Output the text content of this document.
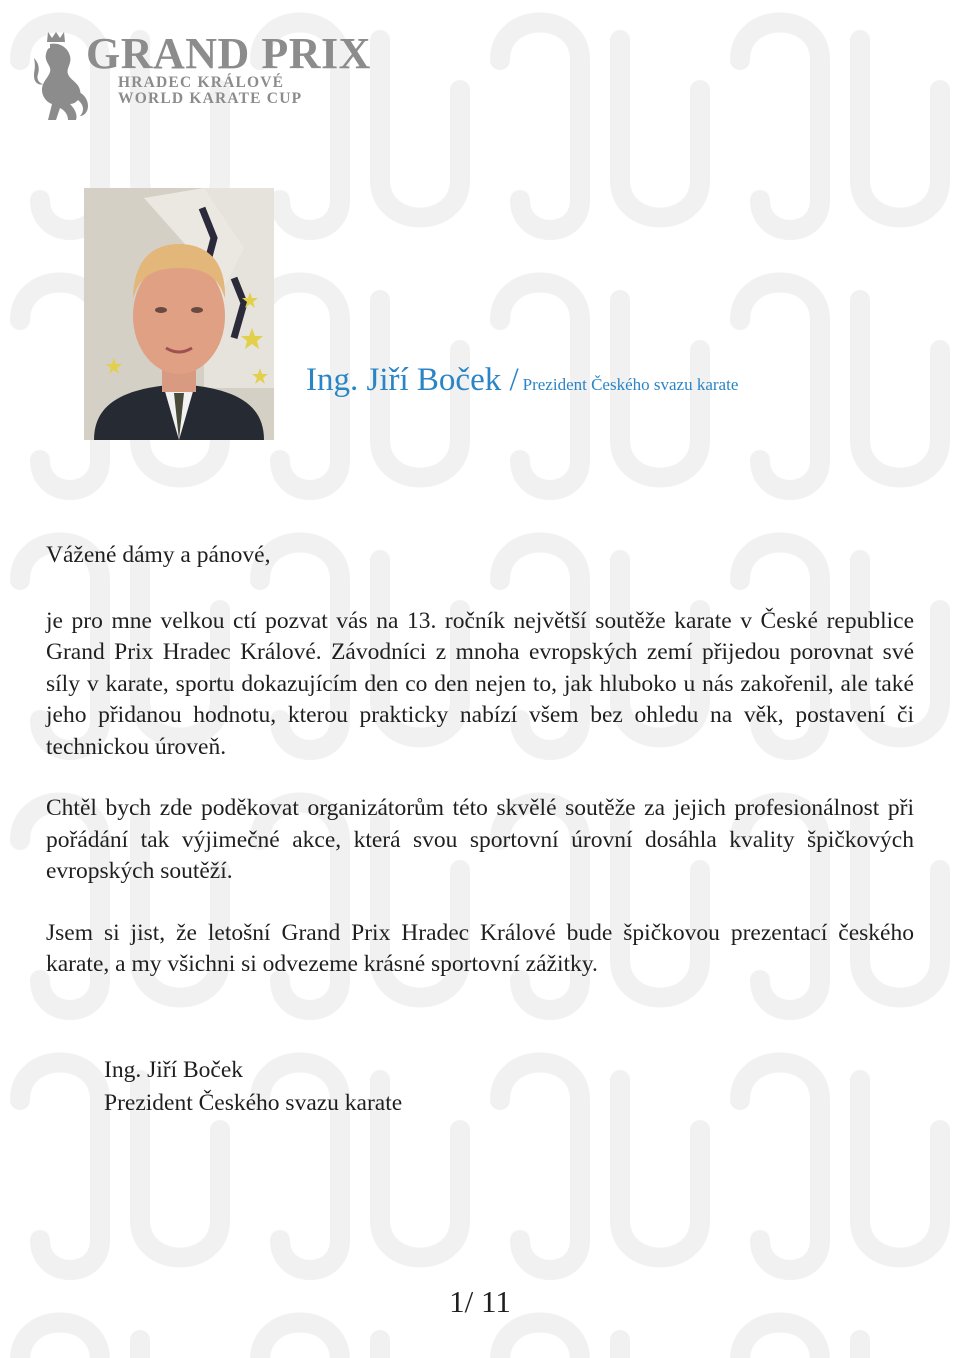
GRAND PRIX
HRADEC KRÁLOVÉ
WORLD KARATE CUP
Ing. Jiří Boček / Prezident Českého svazu karate

Vážené dámy a pánové,

je pro mne velkou ctí pozvat vás na 13. ročník největší soutěže karate v České republice Grand Prix Hradec Králové. Závodníci z mnoha evropských zemí přijedou porovnat své síly v karate, sportu dokazujícím den co den nejen to, jak hluboko u nás zakořenil, ale také jeho přidanou hodnotu, kterou prakticky nabízí všem bez ohledu na věk, postavení či technickou úroveň.

Chtěl bych zde poděkovat organizátorům této skvělé soutěže za jejich profesionálnost při pořádání tak výjimečné akce, která svou sportovní úrovní dosáhla kvality špičkových evropských soutěží.

Jsem si jist, že letošní Grand Prix Hradec Králové bude špičkovou prezentací českého karate, a my všichni si odvezeme krásné sportovní zážitky.

Ing. Jiří Boček
Prezident Českého svazu karate
1/ 11
